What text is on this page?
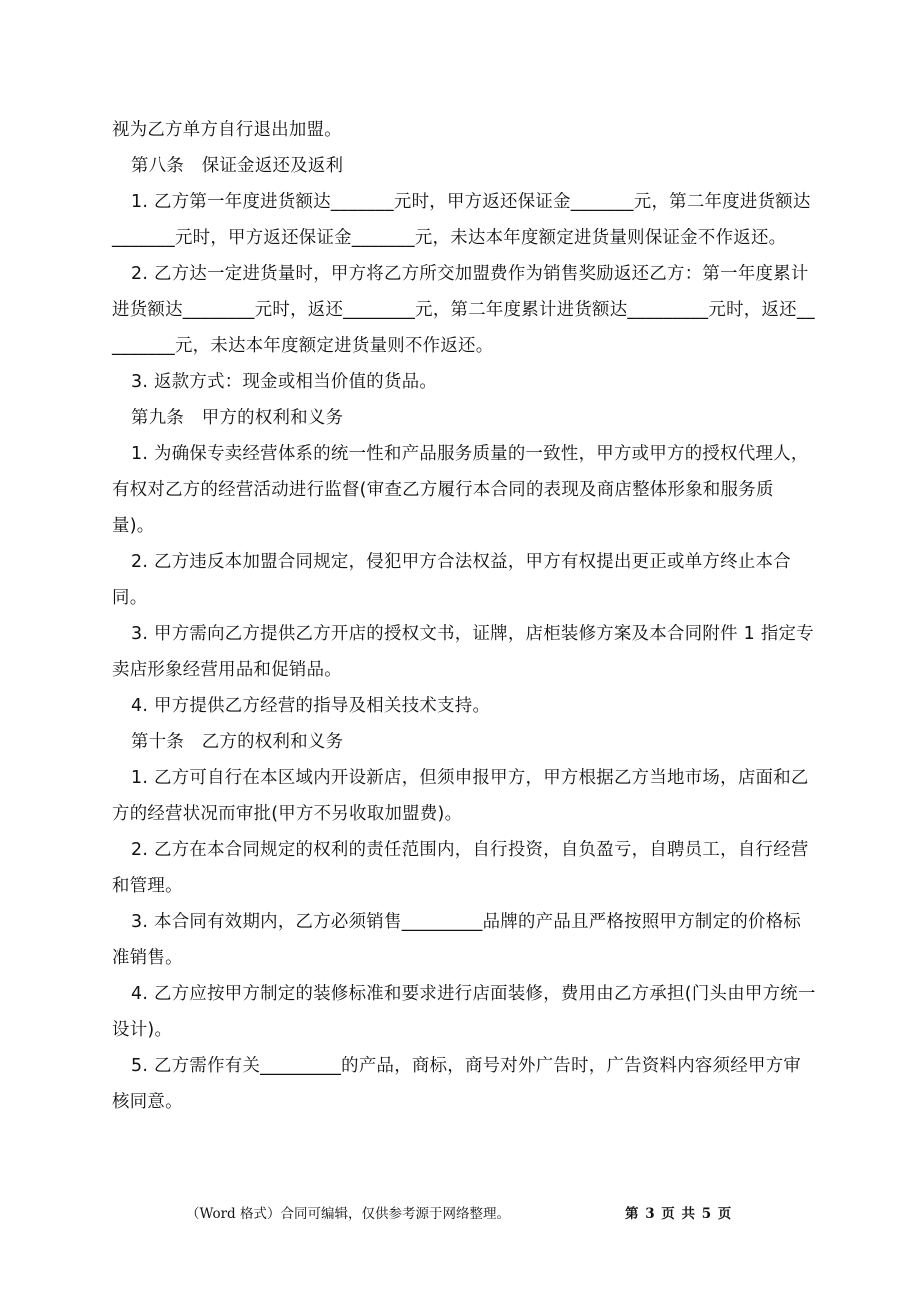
视为乙方单方自行退出加盟。

第八条　保证金返还及返利

1. 乙方第一年度进货额达_______元时，甲方返还保证金_______元，第二年度进货额达_______元时，甲方返还保证金_______元，未达本年度额定进货量则保证金不作返还。

2. 乙方达一定进货量时，甲方将乙方所交加盟费作为销售奖励返还乙方：第一年度累计进货额达________元时，返还________元，第二年度累计进货额达_________元时，返还_________元，未达本年度额定进货量则不作返还。

3. 返款方式：现金或相当价值的货品。

第九条　甲方的权利和义务

1. 为确保专卖经营体系的统一性和产品服务质量的一致性，甲方或甲方的授权代理人，有权对乙方的经营活动进行监督(审查乙方履行本合同的表现及商店整体形象和服务质量)。

2. 乙方违反本加盟合同规定，侵犯甲方合法权益，甲方有权提出更正或单方终止本合同。

3. 甲方需向乙方提供乙方开店的授权文书，证牌，店柜装修方案及本合同附件 1 指定专卖店形象经营用品和促销品。

4. 甲方提供乙方经营的指导及相关技术支持。

第十条　乙方的权利和义务

1. 乙方可自行在本区域内开设新店，但须申报甲方，甲方根据乙方当地市场，店面和乙方的经营状况而审批(甲方不另收取加盟费)。

2. 乙方在本合同规定的权利的责任范围内，自行投资，自负盈亏，自聘员工，自行经营和管理。

3. 本合同有效期内，乙方必须销售_________品牌的产品且严格按照甲方制定的价格标准销售。

4. 乙方应按甲方制定的装修标准和要求进行店面装修，费用由乙方承担(门头由甲方统一设计)。

5. 乙方需作有关_________的产品，商标，商号对外广告时，广告资料内容须经甲方审核同意。

（Word 格式）合同可编辑，仅供参考源于网络整理。	第 3 页 共 5 页
